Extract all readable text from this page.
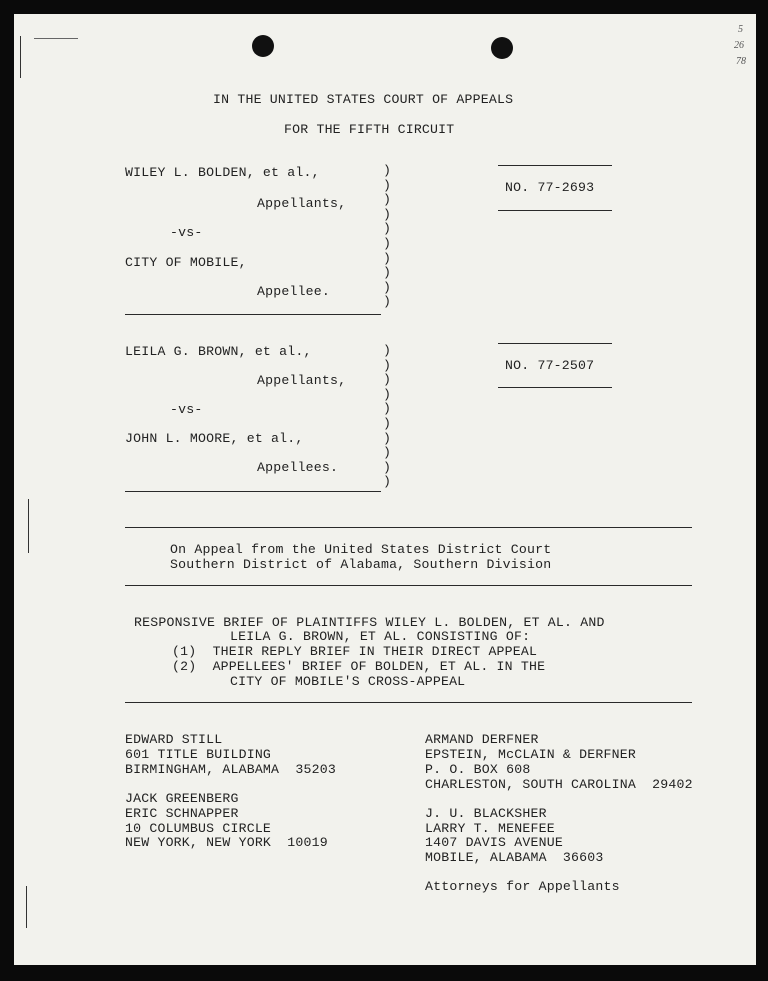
5
26
78
IN THE UNITED STATES COURT OF APPEALS
FOR THE FIFTH CIRCUIT
WILEY L. BOLDEN, et al.,
Appellants,
-vs-
CITY OF MOBILE,
Appellee.
)
)
)
)
)
)
)
)
)
)
NO. 77-2693
LEILA G. BROWN, et al.,
Appellants,
-vs-
JOHN L. MOORE, et al.,
Appellees.
)
)
)
)
)
)
)
)
)
)
NO. 77-2507
On Appeal from the United States District Court
Southern District of Alabama, Southern Division
RESPONSIVE BRIEF OF PLAINTIFFS WILEY L. BOLDEN, ET AL. AND
LEILA G. BROWN, ET AL. CONSISTING OF:
(1)  THEIR REPLY BRIEF IN THEIR DIRECT APPEAL
(2)  APPELLEES' BRIEF OF BOLDEN, ET AL. IN THE
CITY OF MOBILE'S CROSS-APPEAL
EDWARD STILL
601 TITLE BUILDING
BIRMINGHAM, ALABAMA  35203
JACK GREENBERG
ERIC SCHNAPPER
10 COLUMBUS CIRCLE
NEW YORK, NEW YORK  10019
ARMAND DERFNER
EPSTEIN, McCLAIN & DERFNER
P. O. BOX 608
CHARLESTON, SOUTH CAROLINA  29402
J. U. BLACKSHER
LARRY T. MENEFEE
1407 DAVIS AVENUE
MOBILE, ALABAMA  36603
Attorneys for Appellants
